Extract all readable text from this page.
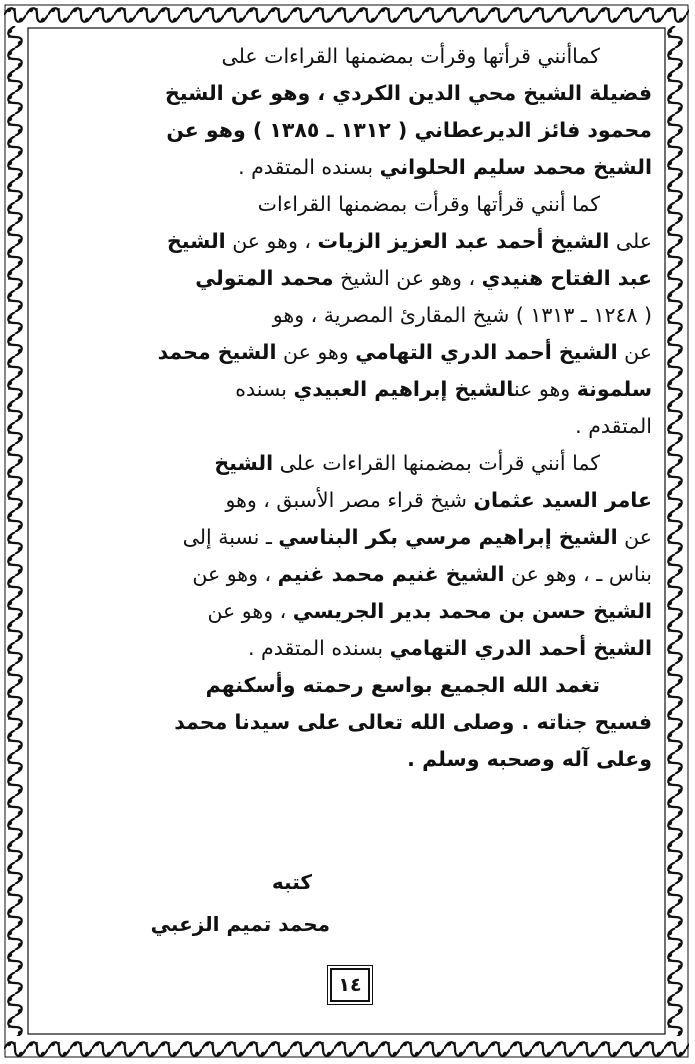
كماأنني قرأتها وقرأت بمضمنها القراءات على
فضيلة الشيخ محي الدين الكردي ، وهو عن الشيخ
محمود فائز الديرعطاني ( ١٣١٢ ـ ١٣٨٥ ) وهو عن
الشيخ محمد سليم الحلواني بسنده المتقدم .
كما أنني قرأتها وقرأت بمضمنها القراءات
على الشيخ أحمد عبد العزيز الزيات ، وهو عن الشيخ
عبد الفتاح هنيدي ، وهو عن الشيخ محمد المتولي
( ١٢٤٨ ـ ١٣١٣ ) شيخ المقارئ المصرية ، وهو
عن الشيخ أحمد الدري التهامي وهو عن الشيخ محمد
سلمونة وهو عنالشيخ إبراهيم العبيدي بسنده
المتقدم .
كما أنني قرأت بمضمنها القراءات على الشيخ
عامر السيد عثمان شيخ قراء مصر الأسبق ، وهو
عن الشيخ إبراهيم مرسي بكر البناسي ـ نسبة إلى
بناس ـ ، وهو عن الشيخ غنيم محمد غنيم ، وهو عن
الشيخ حسن بن محمد بدير الجريسي ، وهو عن
الشيخ أحمد الدري التهامي بسنده المتقدم .
تغمد الله الجميع بواسع رحمته وأسكنهم
فسيح جناته . وصلى الله تعالى على سيدنا محمد
وعلى آله وصحبه وسلم .
كتبه
محمد تميم الزعبي
١٤
